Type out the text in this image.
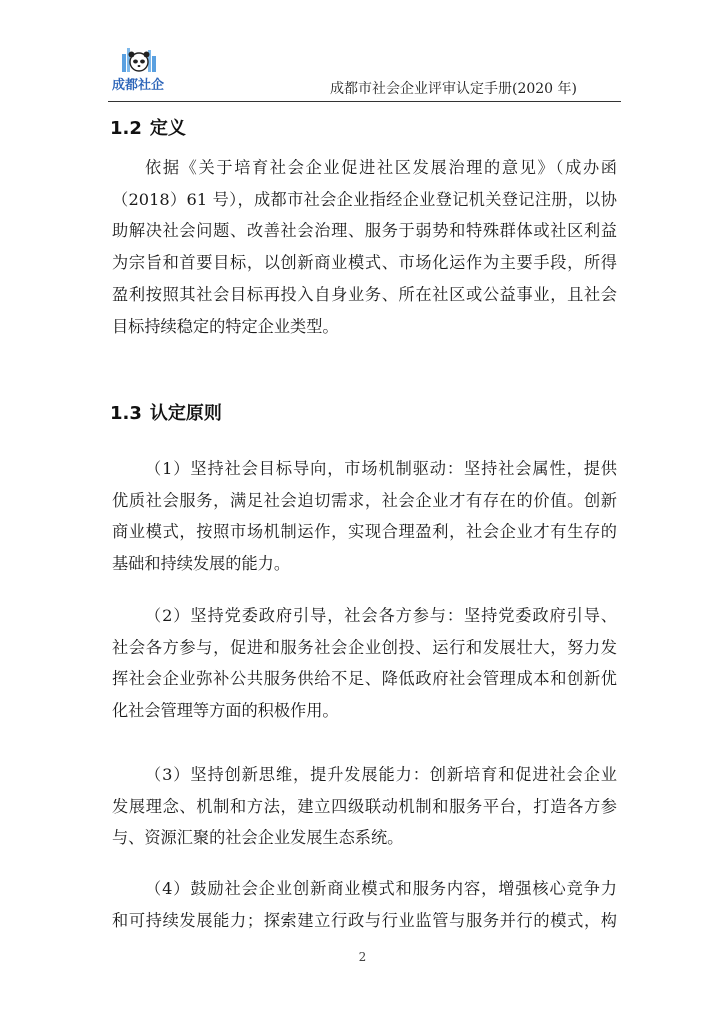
成都社企	成都市社会企业评审认定手册(2020 年)
1.2 定义
依据《关于培育社会企业促进社区发展治理的意见》（成办函
（2018）61 号），成都市社会企业指经企业登记机关登记注册，以协
助解决社会问题、改善社会治理、服务于弱势和特殊群体或社区利益
为宗旨和首要目标，以创新商业模式、市场化运作为主要手段，所得
盈利按照其社会目标再投入自身业务、所在社区或公益事业，且社会
目标持续稳定的特定企业类型。
1.3 认定原则
（1）坚持社会目标导向，市场机制驱动：坚持社会属性，提供
优质社会服务，满足社会迫切需求，社会企业才有存在的价值。创新
商业模式，按照市场机制运作，实现合理盈利，社会企业才有生存的
基础和持续发展的能力。
（2）坚持党委政府引导，社会各方参与：坚持党委政府引导、
社会各方参与，促进和服务社会企业创投、运行和发展壮大，努力发
挥社会企业弥补公共服务供给不足、降低政府社会管理成本和创新优
化社会管理等方面的积极作用。
（3）坚持创新思维，提升发展能力：创新培育和促进社会企业
发展理念、机制和方法，建立四级联动机制和服务平台，打造各方参
与、资源汇聚的社会企业发展生态系统。
（4）鼓励社会企业创新商业模式和服务内容，增强核心竞争力
和可持续发展能力；探索建立行政与行业监管与服务并行的模式，构
2
